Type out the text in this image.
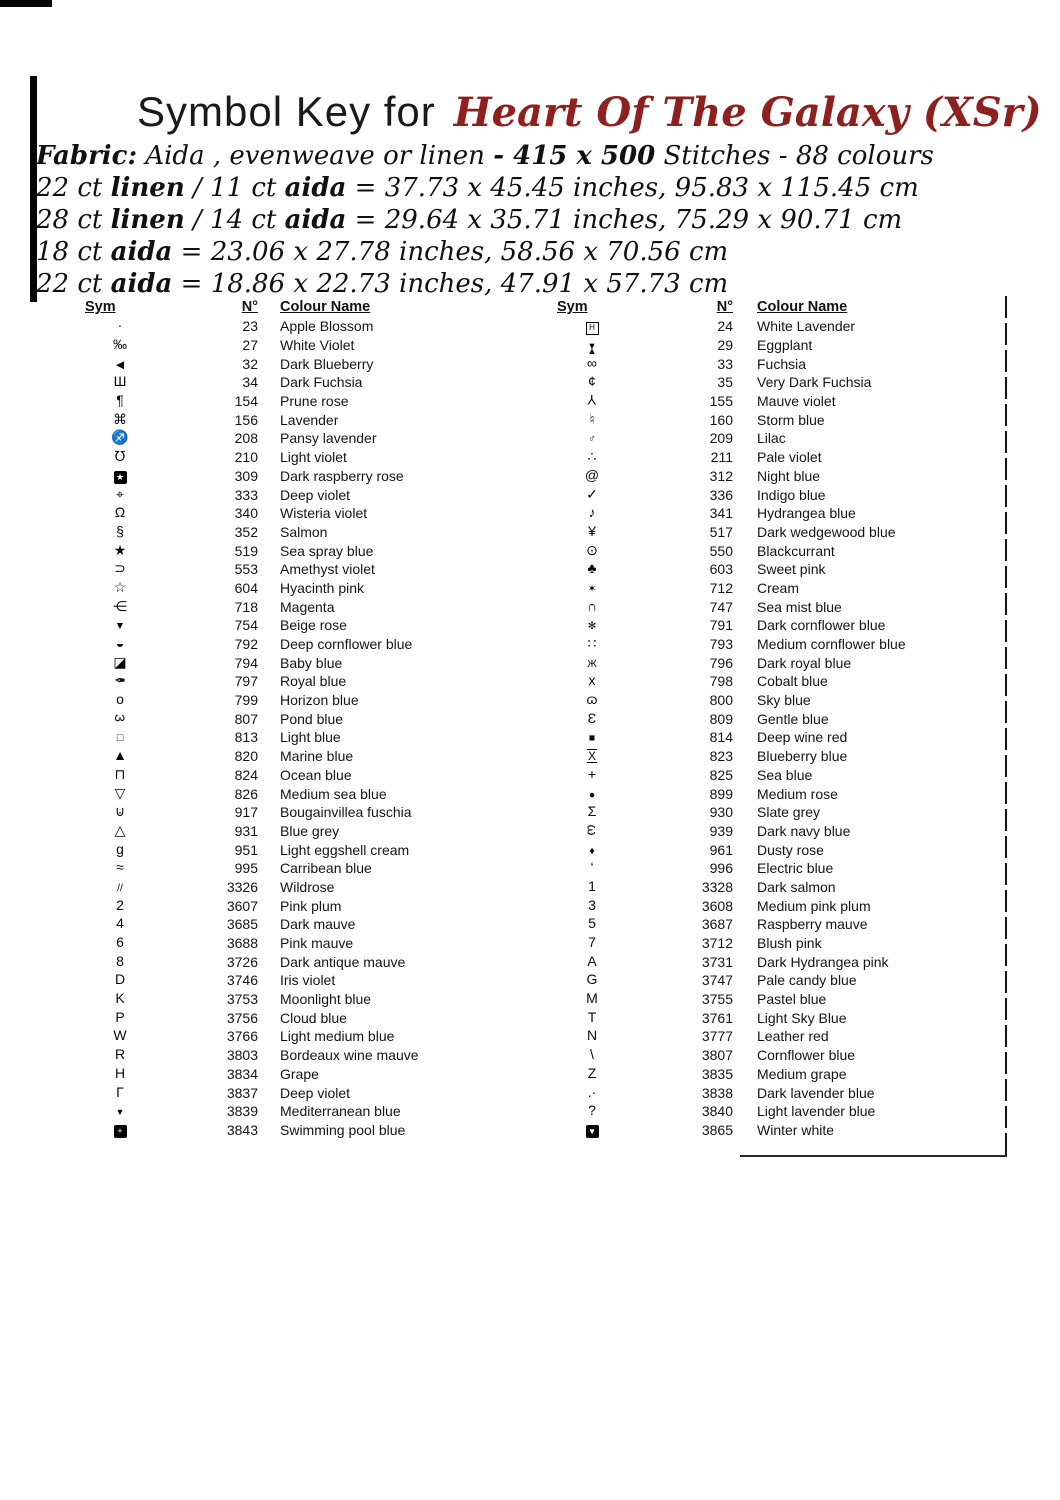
Symbol Key for Heart Of The Galaxy (XSr)
Fabric: Aida , evenweave or linen - 415 x 500 Stitches - 88 colours
22 ct linen / 11 ct aida = 37.73 x 45.45 inches, 95.83 x 115.45 cm
28 ct linen / 14 ct aida = 29.64 x 35.71 inches, 75.29 x 90.71 cm
18 ct aida = 23.06 x 27.78 inches, 58.56 x 70.56 cm
22 ct aida = 18.86 x 22.73 inches, 47.91 x 57.73 cm
Sym	N°	Colour Name
·	23	Apple Blossom
‰	27	White Violet
◀	32	Dark Blueberry
Ш	34	Dark Fuchsia
¶	154	Prune rose
⌘	156	Lavender
♐	208	Pansy lavender
℧	210	Light violet
★	309	Dark raspberry rose
⌖	333	Deep violet
Ω	340	Wisteria violet
§	352	Salmon
★	519	Sea spray blue
⊃	553	Amethyst violet
☆	604	Hyacinth pink
⋲	718	Magenta
▼	754	Beige rose
◒	792	Deep cornflower blue
◪	794	Baby blue
✒	797	Royal blue
o	799	Horizon blue
3	807	Pond blue
□	813	Light blue
▲	820	Marine blue
⊓	824	Ocean blue
▽	826	Medium sea blue
⊍	917	Bougainvillea fuschia
△	931	Blue grey
g	951	Light eggshell cream
≈	995	Carribean blue
//	3326	Wildrose
2	3607	Pink plum
4	3685	Dark mauve
6	3688	Pink mauve
8	3726	Dark antique mauve
D	3746	Iris violet
K	3753	Moonlight blue
P	3756	Cloud blue
W	3766	Light medium blue
R	3803	Bordeaux wine mauve
H	3834	Grape
Γ	3837	Deep violet
▼	3839	Mediterranean blue
+	3843	Swimming pool blue
Sym	N°	Colour Name
H	24	White Lavender
▼ ▲	29	Eggplant
∞	33	Fuchsia
¢	35	Very Dark Fuchsia
Y	155	Mauve violet
♮	160	Storm blue
♂	209	Lilac
∴	211	Pale violet
@	312	Night blue
✓	336	Indigo blue
♪	341	Hydrangea blue
¥	517	Dark wedgewood blue
⊙	550	Blackcurrant
♣	603	Sweet pink
✶	712	Cream
∩ •	747	Sea mist blue
✻	791	Dark cornflower blue
∷	793	Medium cornflower blue
Ж	796	Dark royal blue
x	798	Cobalt blue
ɷ	800	Sky blue
Ɛ	809	Gentle blue
■	814	Deep wine red
X	823	Blueberry blue
+	825	Sea blue
●	899	Medium rose
Σ	930	Slate grey
ω	939	Dark navy blue
♦	961	Dusty rose
‘	996	Electric blue
1	3328	Dark salmon
3	3608	Medium pink plum
5	3687	Raspberry mauve
7	3712	Blush pink
A	3731	Dark Hydrangea pink
G	3747	Pale candy blue
M	3755	Pastel blue
T	3761	Light Sky Blue
N	3777	Leather red
\	3807	Cornflower blue
Z	3835	Medium grape
.·	3838	Dark lavender blue
?	3840	Light lavender blue
♥	3865	Winter white
